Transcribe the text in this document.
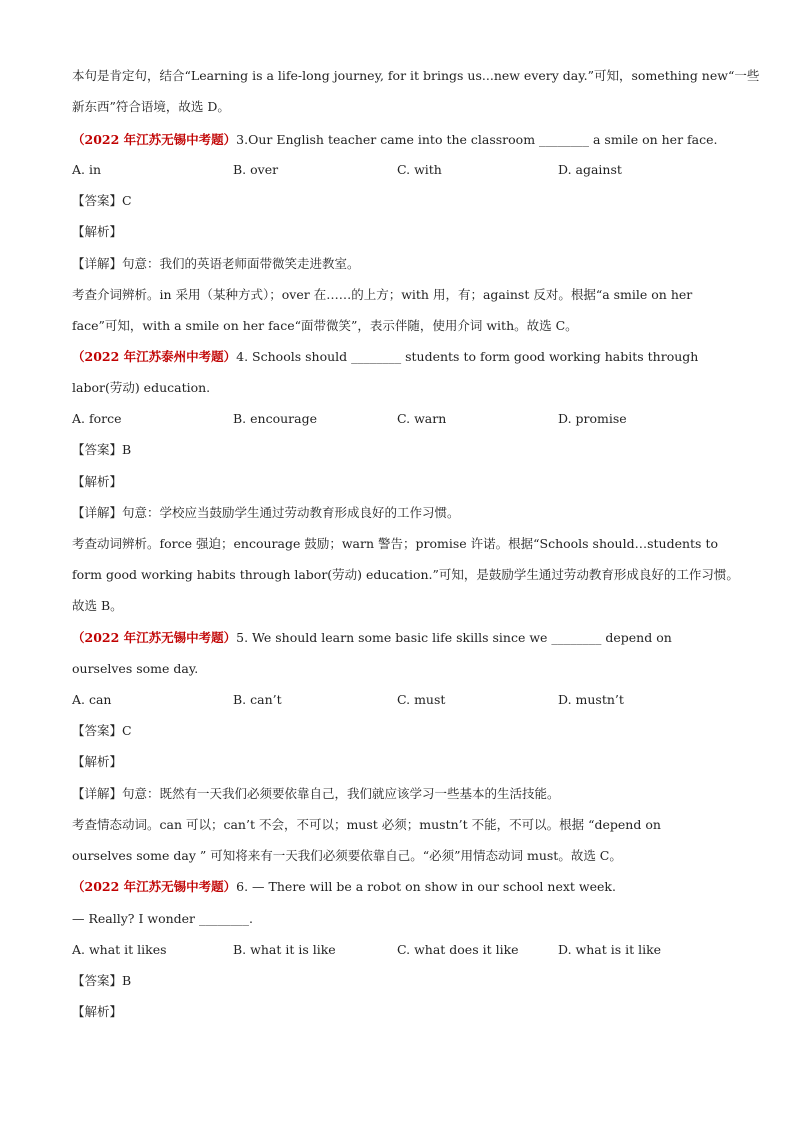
本句是肯定句，结合“Learning is a life-long journey, for it brings us...new every day.”可知，something new“一些
新东西”符合语境，故选 D。
（2022 年江苏无锡中考题）3.Our English teacher came into the classroom ________ a smile on her face.
A. in	B. over	C. with	D. against
【答案】C
【解析】
【详解】句意：我们的英语老师面带微笑走进教室。
考查介词辨析。in 采用（某种方式）；over 在……的上方；with 用，有；against 反对。根据“a smile on her
face”可知，with a smile on her face“面带微笑”，表示伴随，使用介词 with。故选 C。
（2022 年江苏泰州中考题）4. Schools should ________ students to form good working habits through
labor(劳动) education.
A. force	B. encourage	C. warn	D. promise
【答案】B
【解析】
【详解】句意：学校应当鼓励学生通过劳动教育形成良好的工作习惯。
考查动词辨析。force 强迫；encourage 鼓励；warn 警告；promise 许诺。根据“Schools should…students to
form good working habits through labor(劳动) education.”可知，是鼓励学生通过劳动教育形成良好的工作习惯。
故选 B。
（2022 年江苏无锡中考题）5. We should learn some basic life skills since we ________ depend on
ourselves some day.
A. can	B. can’t	C. must	D. mustn’t
【答案】C
【解析】
【详解】句意：既然有一天我们必须要依靠自己，我们就应该学习一些基本的生活技能。
考查情态动词。can 可以；can’t 不会，不可以；must 必须；mustn’t 不能，不可以。根据 “depend on
ourselves some day ” 可知将来有一天我们必须要依靠自己。“必须”用情态动词 must。故选 C。
（2022 年江苏无锡中考题）6. — There will be a robot on show in our school next week.
— Really? I wonder ________.
A. what it likes	B. what it is like	C. what does it like	D. what is it like
【答案】B
【解析】
